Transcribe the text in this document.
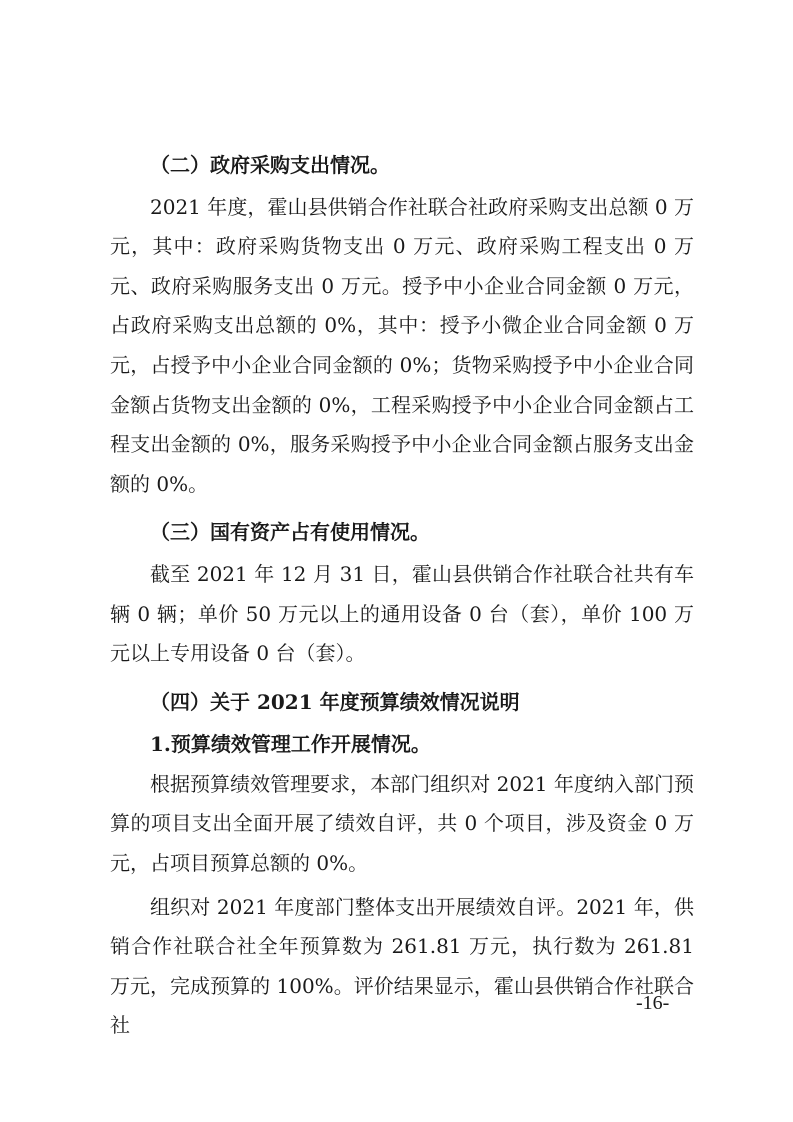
（二）政府采购支出情况。

2021 年度，霍山县供销合作社联合社政府采购支出总额 0 万元，其中：政府采购货物支出 0 万元、政府采购工程支出 0 万元、政府采购服务支出 0 万元。授予中小企业合同金额 0 万元，占政府采购支出总额的 0%，其中：授予小微企业合同金额 0 万元，占授予中小企业合同金额的 0%；货物采购授予中小企业合同金额占货物支出金额的 0%，工程采购授予中小企业合同金额占工程支出金额的 0%，服务采购授予中小企业合同金额占服务支出金额的 0%。

（三）国有资产占有使用情况。

截至 2021 年 12 月 31 日，霍山县供销合作社联合社共有车辆 0 辆；单价 50 万元以上的通用设备 0 台（套），单价 100 万元以上专用设备 0 台（套）。

（四）关于 2021 年度预算绩效情况说明

1.预算绩效管理工作开展情况。

根据预算绩效管理要求，本部门组织对 2021 年度纳入部门预算的项目支出全面开展了绩效自评，共 0 个项目，涉及资金 0 万元，占项目预算总额的 0%。

组织对 2021 年度部门整体支出开展绩效自评。2021 年，供销合作社联合社全年预算数为 261.81 万元，执行数为 261.81 万元，完成预算的 100%。评价结果显示，霍山县供销合作社联合社

-16-
